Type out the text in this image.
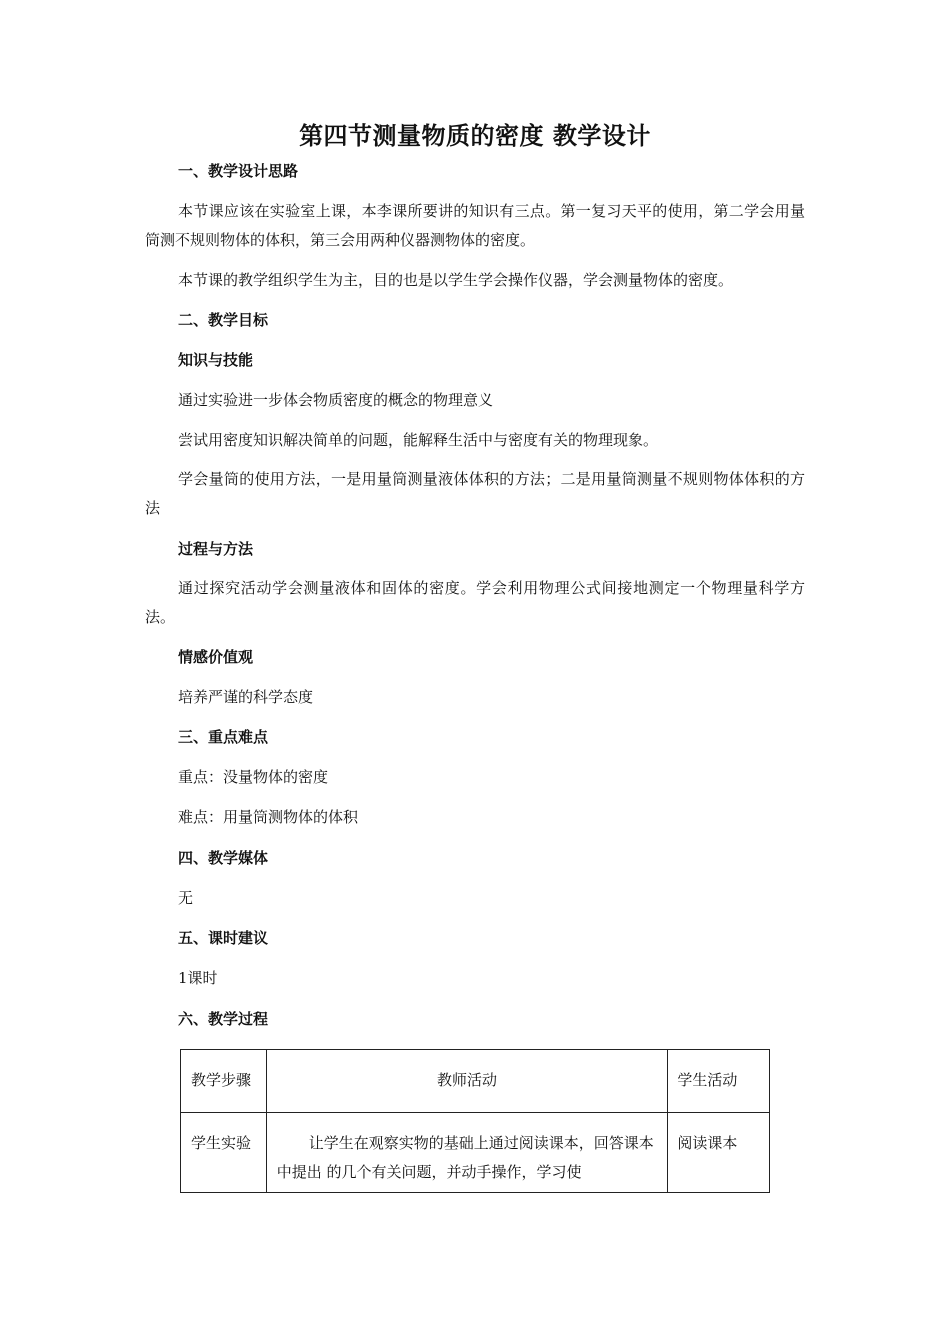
第四节测量物质的密度 教学设计
一、教学设计思路
本节课应该在实验室上课，本李课所要讲的知识有三点。第一复习天平的使用，第二学会用量筒测不规则物体的体积，第三会用两种仪器测物体的密度。
本节课的教学组织学生为主，目的也是以学生学会操作仪器，学会测量物体的密度。
二、教学目标
知识与技能
通过实验进一步体会物质密度的概念的物理意义
尝试用密度知识解决简单的问题，能解释生活中与密度有关的物理现象。
学会量筒的使用方法，一是用量筒测量液体体积的方法；二是用量筒测量不规则物体体积的方法
过程与方法
通过探究活动学会测量液体和固体的密度。学会利用物理公式间接地测定一个物理量科学方法。
情感价值观
培养严谨的科学态度
三、重点难点
重点：没量物体的密度
难点：用量筒测物体的体积
四、教学媒体
无
五、课时建议
1课时
六、教学过程
教学步骤	教师活动	学生活动

学生实验	让学生在观察实物的基础上通过阅读课本，回答课本中提出 的几个有关问题，并动手操作，学习使	阅读课本
